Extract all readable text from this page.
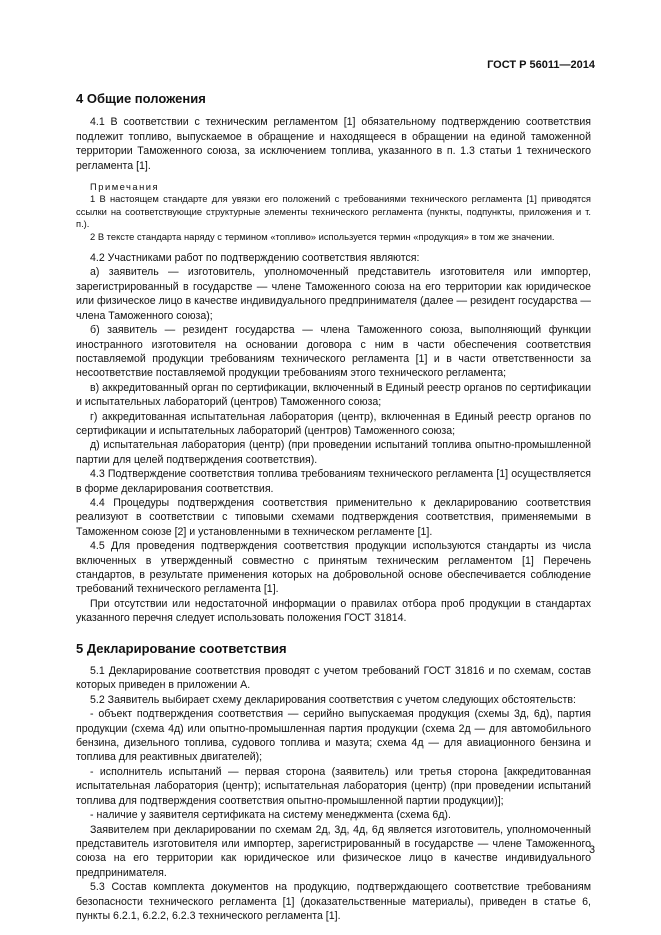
ГОСТ Р 56011—2014
4 Общие положения

4.1 В соответствии с техническим регламентом [1] обязательному подтверждению соответствия подлежит топливо, выпускаемое в обращение и находящееся в обращении на единой таможенной территории Таможенного союза, за исключением топлива, указанного в п. 1.3 статьи 1 технического регламента [1].

Примечания

1 В настоящем стандарте для увязки его положений с требованиями технического регламента [1] приводятся ссылки на соответствующие структурные элементы технического регламента (пункты, подпункты, приложения и т. п.).

2 В тексте стандарта наряду с термином «топливо» используется термин «продукция» в том же значении.

4.2 Участниками работ по подтверждению соответствия являются:

а) заявитель — изготовитель, уполномоченный представитель изготовителя или импортер, зарегистрированный в государстве — члене Таможенного союза на его территории как юридическое или физическое лицо в качестве индивидуального предпринимателя (далее — резидент государства — члена Таможенного союза);

б) заявитель — резидент государства — члена Таможенного союза, выполняющий функции иностранного изготовителя на основании договора с ним в части обеспечения соответствия поставляемой продукции требованиям технического регламента [1] и в части ответственности за несоответствие поставляемой продукции требованиям этого технического регламента;

в) аккредитованный орган по сертификации, включенный в Единый реестр органов по сертификации и испытательных лабораторий (центров) Таможенного союза;

г) аккредитованная испытательная лаборатория (центр), включенная в Единый реестр органов по сертификации и испытательных лабораторий (центров) Таможенного союза;

д) испытательная лаборатория (центр) (при проведении испытаний топлива опытно-промышленной партии для целей подтверждения соответствия).

4.3 Подтверждение соответствия топлива требованиям технического регламента [1] осуществляется в форме декларирования соответствия.

4.4 Процедуры подтверждения соответствия применительно к декларированию соответствия реализуют в соответствии с типовыми схемами подтверждения соответствия, применяемыми в Таможенном союзе [2] и установленными в техническом регламенте [1].

4.5 Для проведения подтверждения соответствия продукции используются стандарты из числа включенных в утвержденный совместно с принятым техническим регламентом [1] Перечень стандартов, в результате применения которых на добровольной основе обеспечивается соблюдение требований технического регламента [1].

При отсутствии или недостаточной информации о правилах отбора проб продукции в стандартах указанного перечня следует использовать положения ГОСТ 31814.

5 Декларирование соответствия

5.1 Декларирование соответствия проводят с учетом требований ГОСТ 31816 и по схемам, состав которых приведен в приложении А.

5.2 Заявитель выбирает схему декларирования соответствия с учетом следующих обстоятельств:

- объект подтверждения соответствия — серийно выпускаемая продукция (схемы 3д, 6д), партия продукции (схема 4д) или опытно-промышленная партия продукции (схема 2д — для автомобильного бензина, дизельного топлива, судового топлива и мазута; схема 4д — для авиационного бензина и топлива для реактивных двигателей);

- исполнитель испытаний — первая сторона (заявитель) или третья сторона [аккредитованная испытательная лаборатория (центр); испытательная лаборатория (центр) (при проведении испытаний топлива для подтверждения соответствия опытно-промышленной партии продукции)];

- наличие у заявителя сертификата на систему менеджмента (схема 6д).

Заявителем при декларировании по схемам 2д, 3д, 4д, 6д является изготовитель, уполномоченный представитель изготовителя или импортер, зарегистрированный в государстве — члене Таможенного союза на его территории как юридическое или физическое лицо в качестве индивидуального предпринимателя.

5.3 Состав комплекта документов на продукцию, подтверждающего соответствие требованиям безопасности технического регламента [1] (доказательственные материалы), приведен в статье 6, пункты 6.2.1, 6.2.2, 6.2.3 технического регламента [1].

3
